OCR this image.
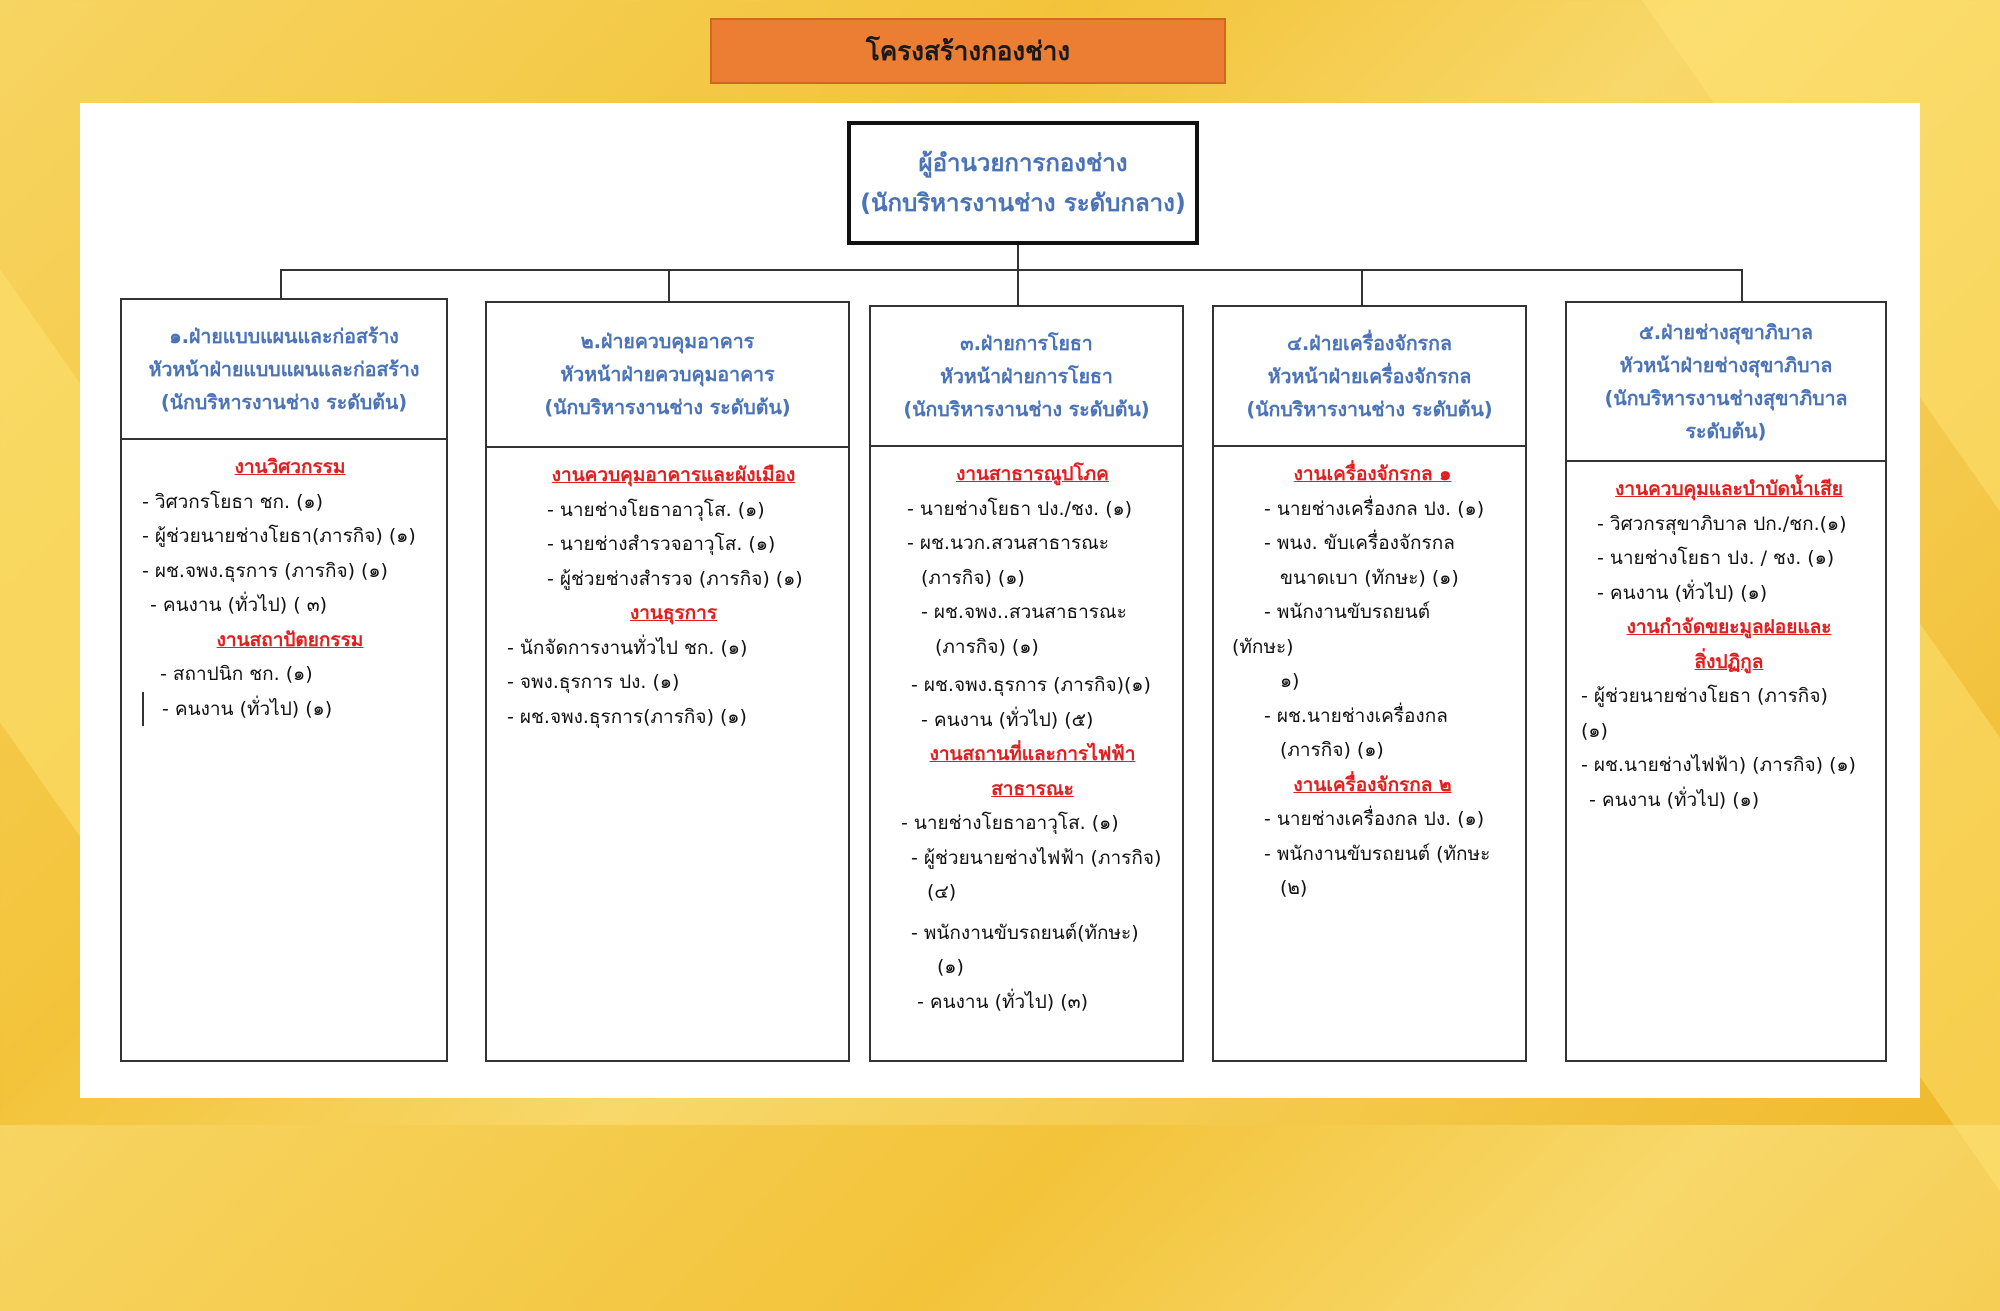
โครงสร้างกองช่าง
ผู้อำนวยการกองช่าง
(นักบริหารงานช่าง ระดับกลาง)
๑.ฝ่ายแบบแผนและก่อสร้าง
หัวหน้าฝ่ายแบบแผนและก่อสร้าง
(นักบริหารงานช่าง ระดับต้น)
งานวิศวกรรม
- วิศวกรโยธา ชก. (๑)
- ผู้ช่วยนายช่างโยธา(ภารกิจ) (๑)
- ผช.จพง.ธุรการ (ภารกิจ) (๑)
- คนงาน (ทั่วไป) ( ๓)
งานสถาปัตยกรรม
- สถาปนิก ชก. (๑)
- คนงาน (ทั่วไป) (๑)
๒.ฝ่ายควบคุมอาคาร
หัวหน้าฝ่ายควบคุมอาคาร
(นักบริหารงานช่าง ระดับต้น)
งานควบคุมอาคารและผังเมือง
- นายช่างโยธาอาวุโส. (๑)
- นายช่างสำรวจอาวุโส. (๑)
- ผู้ช่วยช่างสำรวจ (ภารกิจ) (๑)
งานธุรการ
- นักจัดการงานทั่วไป ชก. (๑)
- จพง.ธุรการ ปง. (๑)
- ผช.จพง.ธุรการ(ภารกิจ) (๑)
๓.ฝ่ายการโยธา
หัวหน้าฝ่ายการโยธา
(นักบริหารงานช่าง ระดับต้น)
งานสาธารณูปโภค
- นายช่างโยธา ปง./ชง. (๑)
- ผช.นวก.สวนสาธารณะ
(ภารกิจ) (๑)
- ผช.จพง..สวนสาธารณะ
(ภารกิจ) (๑)
- ผช.จพง.ธุรการ (ภารกิจ)(๑)
- คนงาน (ทั่วไป) (๕)
งานสถานที่และการไฟฟ้า สาธารณะ
- นายช่างโยธาอาวุโส. (๑)
- ผู้ช่วยนายช่างไฟฟ้า (ภารกิจ)
(๔)
- พนักงานขับรถยนต์(ทักษะ)
(๑)
- คนงาน (ทั่วไป) (๓)
๔.ฝ่ายเครื่องจักรกล
หัวหน้าฝ่ายเครื่องจักรกล
(นักบริหารงานช่าง ระดับต้น)
งานเครื่องจักรกล ๑
- นายช่างเครื่องกล ปง. (๑)
- พนง. ขับเครื่องจักรกล
ขนาดเบา (ทักษะ) (๑)
- พนักงานขับรถยนต์
(ทักษะ)
๑)
- ผช.นายช่างเครื่องกล
(ภารกิจ) (๑)
งานเครื่องจักรกล ๒
- นายช่างเครื่องกล ปง. (๑)
- พนักงานขับรถยนต์ (ทักษะ
(๒)
๕.ฝ่ายช่างสุขาภิบาล
หัวหน้าฝ่ายช่างสุขาภิบาล
(นักบริหารงานช่างสุขาภิบาล ระดับต้น)
งานควบคุมและบำบัดน้ำเสีย
- วิศวกรสุขาภิบาล ปก./ชก.(๑)
- นายช่างโยธา ปง. / ชง. (๑)
- คนงาน (ทั่วไป) (๑)
งานกำจัดขยะมูลฝอยและ สิ่งปฏิกูล
- ผู้ช่วยนายช่างโยธา (ภารกิจ)
(๑)
- ผช.นายช่างไฟฟ้า) (ภารกิจ) (๑)
- คนงาน (ทั่วไป) (๑)
